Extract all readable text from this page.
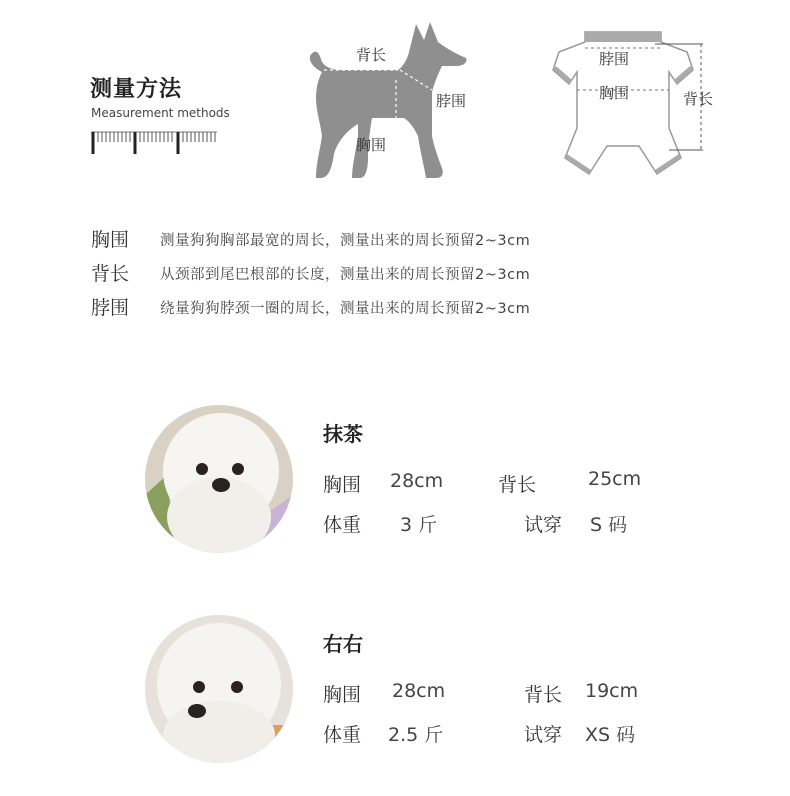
测量方法
Measurement methods
背长
脖围
胸围
脖围
胸围	背长
胸围 测量狗狗胸部最宽的周长，测量出来的周长预留2~3cm
背长 从颈部到尾巴根部的长度，测量出来的周长预留2~3cm
脖围 绕量狗狗脖颈一圈的周长，测量出来的周长预留2~3cm
抹茶
胸围 28cm	背长	25cm
体重 3 斤	试穿 S 码
右右
胸围 28cm	背长 19cm
体重 2.5 斤	试穿 XS 码
